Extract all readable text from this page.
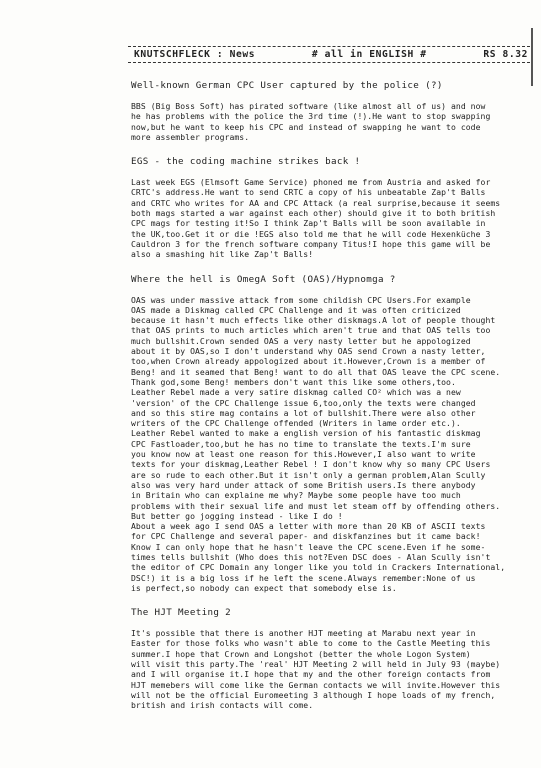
KNUTSCHFLECK : News	# all in ENGLISH #	RS 8.32
Well-known German CPC User captured by the police (?)
BBS (Big Boss Soft) has pirated software (like almost all of us) and now
he has problems with the police the 3rd time (!).He want to stop swapping
now,but he want to keep his CPC and instead of swapping he want to code
more assembler programs.
EGS - the coding machine strikes back !
Last week EGS (Elmsoft Game Service) phoned me from Austria and asked for
CRTC's address.He want to send CRTC a copy of his unbeatable Zap't Balls
and CRTC who writes for AA and CPC Attack (a real surprise,because it seems
both mags started a war against each other) should give it to both british
CPC mags for testing it!So I think Zap't Balls will be soon available in
the UK,too.Get it or die !EGS also told me that he will code Hexenküche 3
Cauldron 3 for the french software company Titus!I hope this game will be
also a smashing hit like Zap't Balls!
Where the hell is OmegA Soft (OAS)/Hypnomga ?
OAS was under massive attack from some childish CPC Users.For example
OAS made a Diskmag called CPC Challenge and it was often criticized
because it hasn't much effects like other diskmags.A lot of people thought
that OAS prints to much articles which aren't true and that OAS tells too
much bullshit.Crown sended OAS a very nasty letter but he appologized
about it by OAS,so I don't understand why OAS send Crown a nasty letter,
too,when Crown already appologized about it.However,Crown is a member of
Beng! and it seamed that Beng! want to do all that OAS leave the CPC scene.
Thank god,some Beng! members don't want this like some others,too.
Leather Rebel made a very satire diskmag called CO² which was a new
'version' of the CPC Challenge issue 6,too,only the texts were changed
and so this stire mag contains a lot of bullshit.There were also other
writers of the CPC Challenge offended (Writers in lame order etc.).
Leather Rebel wanted to make a english version of his fantastic diskmag
CPC Fastloader,too,but he has no time to translate the texts.I'm sure
you know now at least one reason for this.However,I also want to write
texts for your diskmag,Leather Rebel ! I don't know why so many CPC Users
are so rude to each other.But it isn't only a german problem,Alan Scully
also was very hard under attack of some British users.Is there anybody
in Britain who can explaine me why? Maybe some people have too much
problems with their sexual life and must let steam off by offending others.
But better go jogging instead - like I do !
About a week ago I send OAS a letter with more than 20 KB of ASCII texts
for CPC Challenge and several paper- and diskfanzines but it came back!
Know I can only hope that he hasn't leave the CPC scene.Even if he some-
times tells bullshit (Who does this not?Even DSC does - Alan Scully isn't
the editor of CPC Domain any longer like you told in Crackers International,
DSC!) it is a big loss if he left the scene.Always remember:None of us
is perfect,so nobody can expect that somebody else is.
The HJT Meeting 2
It's possible that there is another HJT meeting at Marabu next year in
Easter for those folks who wasn't able to come to the Castle Meeting this
summer.I hope that Crown and Longshot (better the whole Logon System)
will visit this party.The 'real' HJT Meeting 2 will held in July 93 (maybe)
and I will organise it.I hope that my and the other foreign contacts from
HJT memebers will come like the German contacts we will invite.However this
will not be the official Euromeeting 3 although I hope loads of my french,
british and irish contacts will come.
